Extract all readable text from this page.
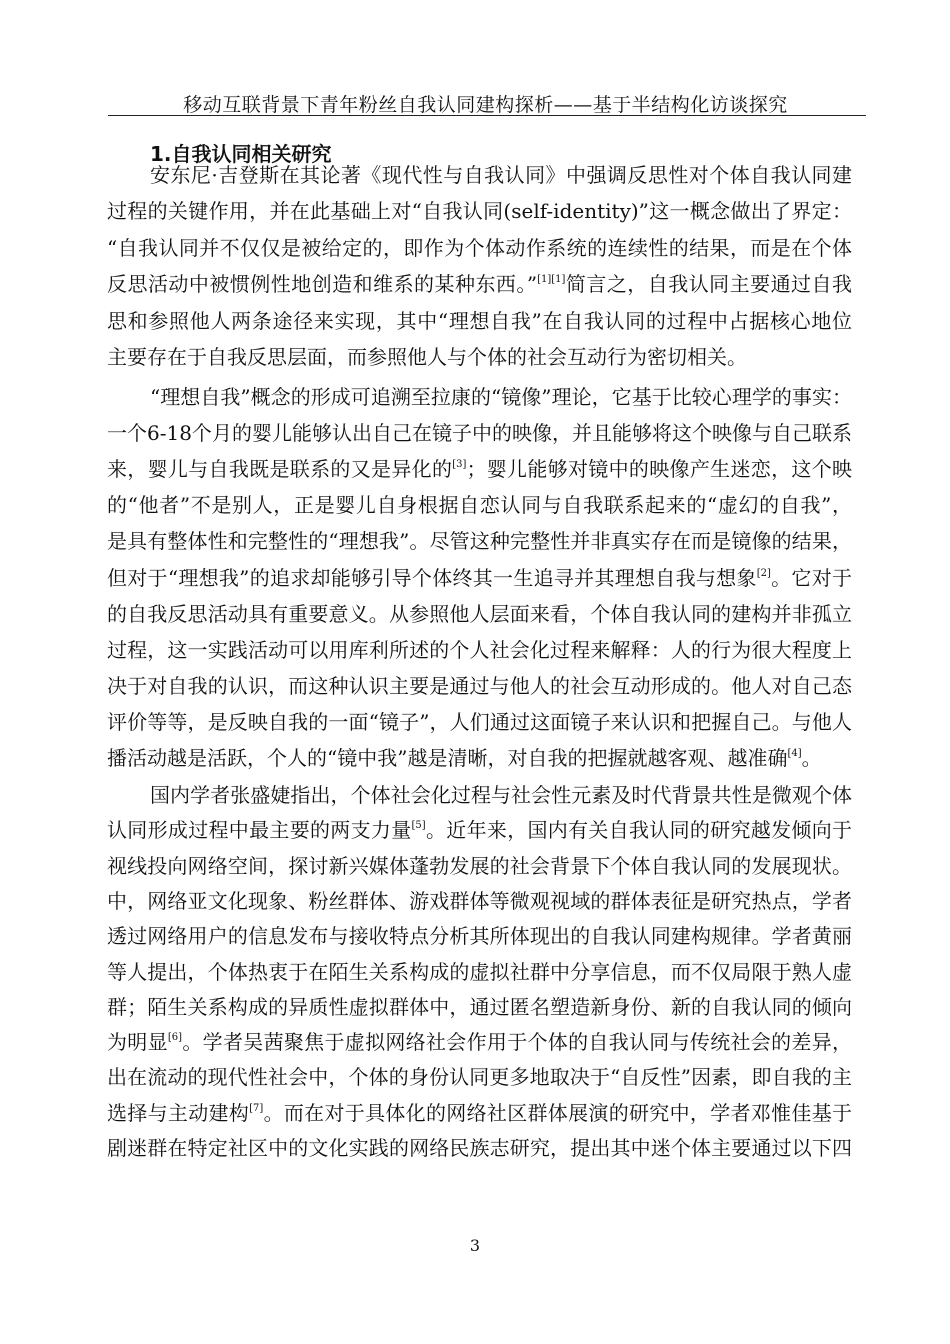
移动互联背景下青年粉丝自我认同建构探析——基于半结构化访谈探究
1.自我认同相关研究
安东尼·吉登斯在其论著《现代性与自我认同》中强调反思性对个体自我认同建
过程的关键作用，并在此基础上对“自我认同(self-identity)”这一概念做出了界定：
“自我认同并不仅仅是被给定的，即作为个体动作系统的连续性的结果，而是在个体
反思活动中被惯例性地创造和维系的某种东西。”[1][1]简言之，自我认同主要通过自我
思和参照他人两条途径来实现，其中“理想自我”在自我认同的过程中占据核心地位
主要存在于自我反思层面，而参照他人与个体的社会互动行为密切相关。
“理想自我”概念的形成可追溯至拉康的“镜像”理论，它基于比较心理学的事实：
一个6-18个月的婴儿能够认出自己在镜子中的映像，并且能够将这个映像与自己联系
来，婴儿与自我既是联系的又是异化的[3]；婴儿能够对镜中的映像产生迷恋，这个映
的“他者”不是别人，正是婴儿自身根据自恋认同与自我联系起来的“虚幻的自我”，
是具有整体性和完整性的“理想我”。尽管这种完整性并非真实存在而是镜像的结果，
但对于“理想我”的追求却能够引导个体终其一生追寻并其理想自我与想象[2]。它对于
的自我反思活动具有重要意义。从参照他人层面来看，个体自我认同的建构并非孤立
过程，这一实践活动可以用库利所述的个人社会化过程来解释：人的行为很大程度上
决于对自我的认识，而这种认识主要是通过与他人的社会互动形成的。他人对自己态
评价等等，是反映自我的一面“镜子”，人们通过这面镜子来认识和把握自己。与他人
播活动越是活跃，个人的“镜中我”越是清晰，对自我的把握就越客观、越准确[4]。
国内学者张盛婕指出，个体社会化过程与社会性元素及时代背景共性是微观个体
认同形成过程中最主要的两支力量[5]。近年来，国内有关自我认同的研究越发倾向于
视线投向网络空间，探讨新兴媒体蓬勃发展的社会背景下个体自我认同的发展现状。
中，网络亚文化现象、粉丝群体、游戏群体等微观视域的群体表征是研究热点，学者
透过网络用户的信息发布与接收特点分析其所体现出的自我认同建构规律。学者黄丽
等人提出，个体热衷于在陌生关系构成的虚拟社群中分享信息，而不仅局限于熟人虚
群；陌生关系构成的异质性虚拟群体中，通过匿名塑造新身份、新的自我认同的倾向
为明显[6]。学者吴茜聚焦于虚拟网络社会作用于个体的自我认同与传统社会的差异，
出在流动的现代性社会中，个体的身份认同更多地取决于“自反性”因素，即自我的主
选择与主动建构[7]。而在对于具体化的网络社区群体展演的研究中，学者邓惟佳基于
剧迷群在特定社区中的文化实践的网络民族志研究，提出其中迷个体主要通过以下四
3
